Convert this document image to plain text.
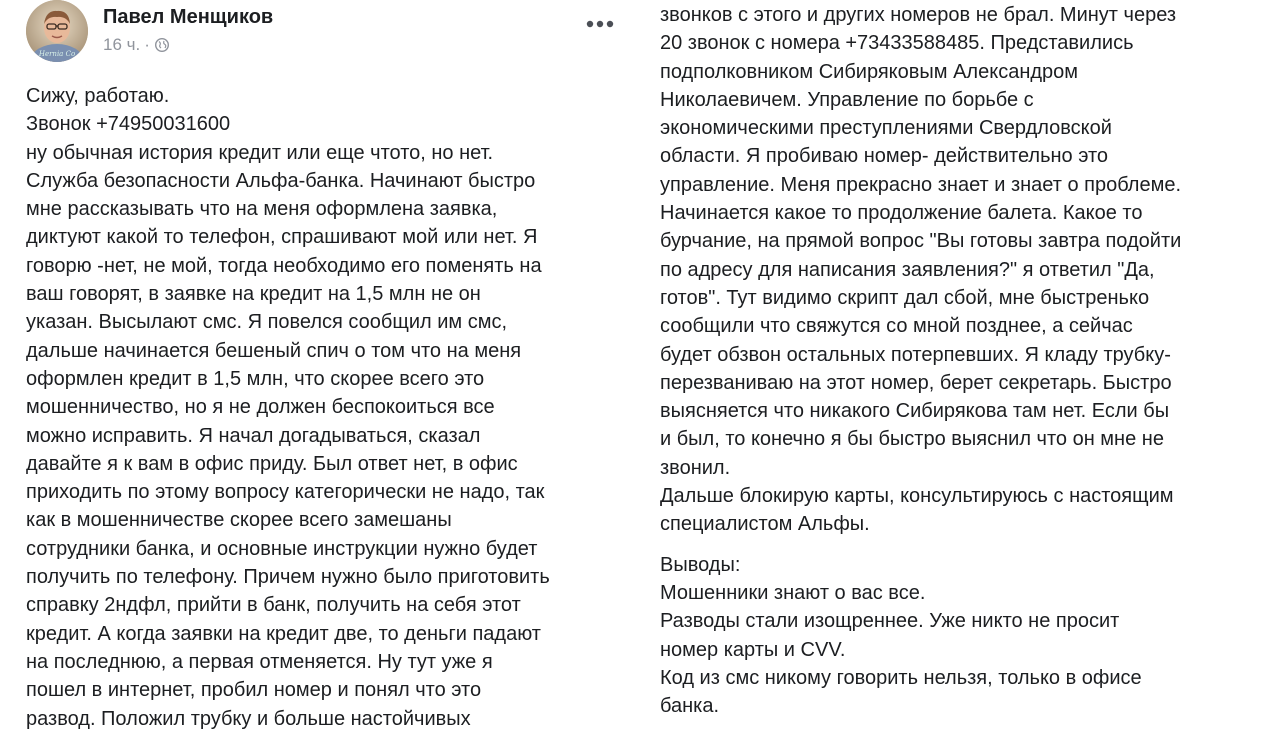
Hernia Co
Павел Менщиков
16 ч. ·
Сижу, работаю.
Звонок +74950031600
ну обычная история кредит или еще чтото, но нет.
Служба безопасности Альфа-банка. Начинают быстро
мне рассказывать что на меня оформлена заявка,
диктуют какой то телефон, спрашивают мой или нет. Я
говорю -нет, не мой, тогда необходимо его поменять на
ваш говорят, в заявке на кредит на 1,5 млн не он
указан. Высылают смс. Я повелся сообщил им смс,
дальше начинается бешеный спич о том что на меня
оформлен кредит в 1,5 млн, что скорее всего это
мошенничество, но я не должен беспокоиться все
можно исправить. Я начал догадываться, сказал
давайте я к вам в офис приду. Был ответ нет, в офис
приходить по этому вопросу категорически не надо, так
как в мошенничестве скорее всего замешаны
сотрудники банка, и основные инструкции нужно будет
получить по телефону. Причем нужно было приготовить
справку 2ндфл, прийти в банк, получить на себя этот
кредит. А когда заявки на кредит две, то деньги падают
на последнюю, а первая отменяется. Ну тут уже я
пошел в интернет, пробил номер и понял что это
развод. Положил трубку и больше настойчивых
звонков с этого и других номеров не брал. Минут через
20 звонок с номера +73433588485. Представились
подполковником Сибиряковым Александром
Николаевичем. Управление по борьбе с
экономическими преступлениями Свердловской
области. Я пробиваю номер- действительно это
управление. Меня прекрасно знает и знает о проблеме.
Начинается какое то продолжение балета. Какое то
бурчание, на прямой вопрос "Вы готовы завтра подойти
по адресу для написания заявления?" я ответил "Да,
готов". Тут видимо скрипт дал сбой, мне быстренько
сообщили что свяжутся со мной позднее, а сейчас
будет обзвон остальных потерпевших. Я кладу трубку-
перезваниваю на этот номер, берет секретарь. Быстро
выясняется что никакого Сибирякова там нет. Если бы
и был, то конечно я бы быстро выяснил что он мне не
звонил.
Дальше блокирую карты, консультируюсь с настоящим
специалистом Альфы.
Выводы:
Мошенники знают о вас все.
Разводы стали изощреннее. Уже никто не просит
номер карты и CVV.
Код из смс никому говорить нельзя, только в офисе
банка.
